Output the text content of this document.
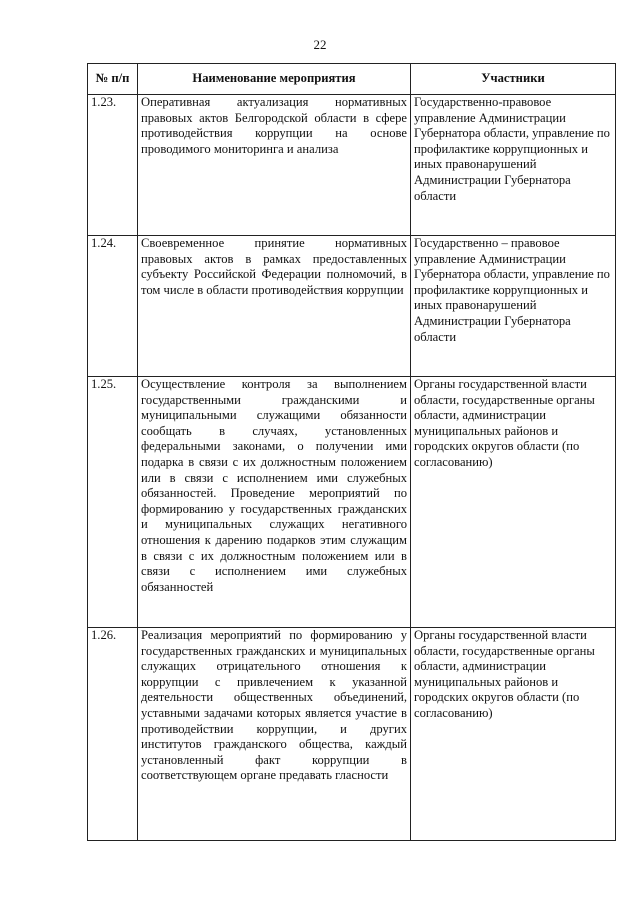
22
№ п/п	Наименование мероприятия	Участники
1.23.	Оперативная актуализация нормативных правовых актов Белгородской области в сфере противодействия коррупции на основе проводимого мониторинга и анализа	Государственно-правовое управление Администрации Губернатора области, управление по профилактике коррупционных и иных правонарушений Администрации Губернатора области
1.24.	Своевременное принятие нормативных правовых актов в рамках предоставленных субъекту Российской Федерации полномочий, в том числе в области противодействия коррупции	Государственно – правовое управление Администрации Губернатора области, управление по профилактике коррупционных и иных правонарушений Администрации Губернатора области
1.25.	Осуществление контроля за выполнением государственными гражданскими и муниципальными служащими обязанности сообщать в случаях, установленных федеральными законами, о получении ими подарка в связи с их должностным положением или в связи с исполнением ими служебных обязанностей. Проведение мероприятий по формированию у государственных гражданских и муниципальных служащих негативного отношения к дарению подарков этим служащим в связи с их должностным положением или в связи с исполнением ими служебных обязанностей	Органы государственной власти области, государственные органы области, администрации муниципальных районов и городских округов области (по согласованию)
1.26.	Реализация мероприятий по формированию у государственных гражданских и муниципальных служащих отрицательного отношения к коррупции с привлечением к указанной деятельности общественных объединений, уставными задачами которых является участие в противодействии коррупции, и других институтов гражданского общества, каждый установленный факт коррупции в соответствующем органе предавать гласности	Органы государственной власти области, государственные органы области, администрации муниципальных районов и городских округов области (по согласованию)
